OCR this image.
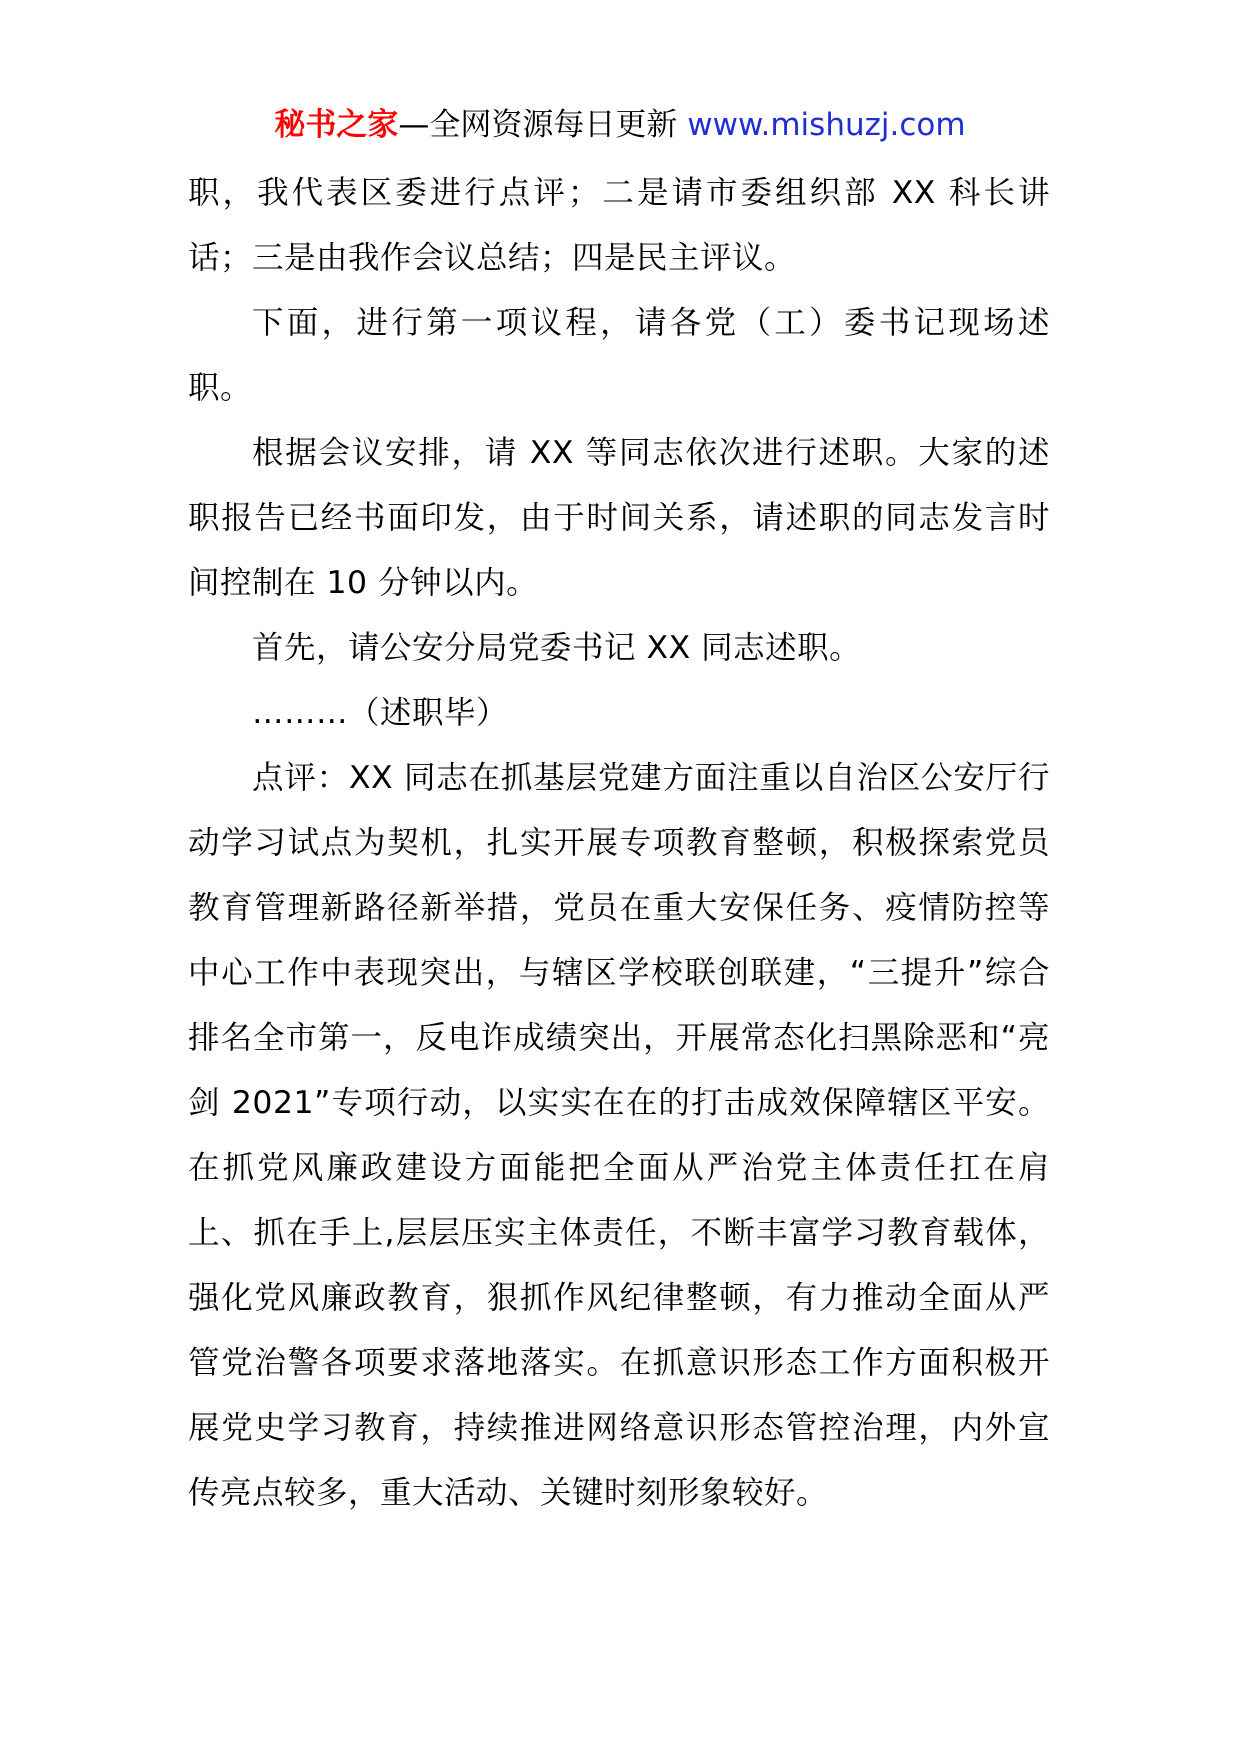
秘书之家—全网资源每日更新 www.mishuzj.com

职，我代表区委进行点评；二是请市委组织部 XX 科长讲话；三是由我作会议总结；四是民主评议。

下面，进行第一项议程，请各党（工）委书记现场述职。

根据会议安排，请 XX 等同志依次进行述职。大家的述职报告已经书面印发，由于时间关系，请述职的同志发言时间控制在 10 分钟以内。

首先，请公安分局党委书记 XX 同志述职。

………（述职毕）

点评：XX 同志在抓基层党建方面注重以自治区公安厅行动学习试点为契机，扎实开展专项教育整顿，积极探索党员教育管理新路径新举措，党员在重大安保任务、疫情防控等中心工作中表现突出，与辖区学校联创联建，“三提升”综合排名全市第一，反电诈成绩突出，开展常态化扫黑除恶和“亮剑 2021”专项行动，以实实在在的打击成效保障辖区平安。在抓党风廉政建设方面能把全面从严治党主体责任扛在肩上、抓在手上,层层压实主体责任，不断丰富学习教育载体，强化党风廉政教育，狠抓作风纪律整顿，有力推动全面从严管党治警各项要求落地落实。在抓意识形态工作方面积极开展党史学习教育，持续推进网络意识形态管控治理，内外宣传亮点较多，重大活动、关键时刻形象较好。
